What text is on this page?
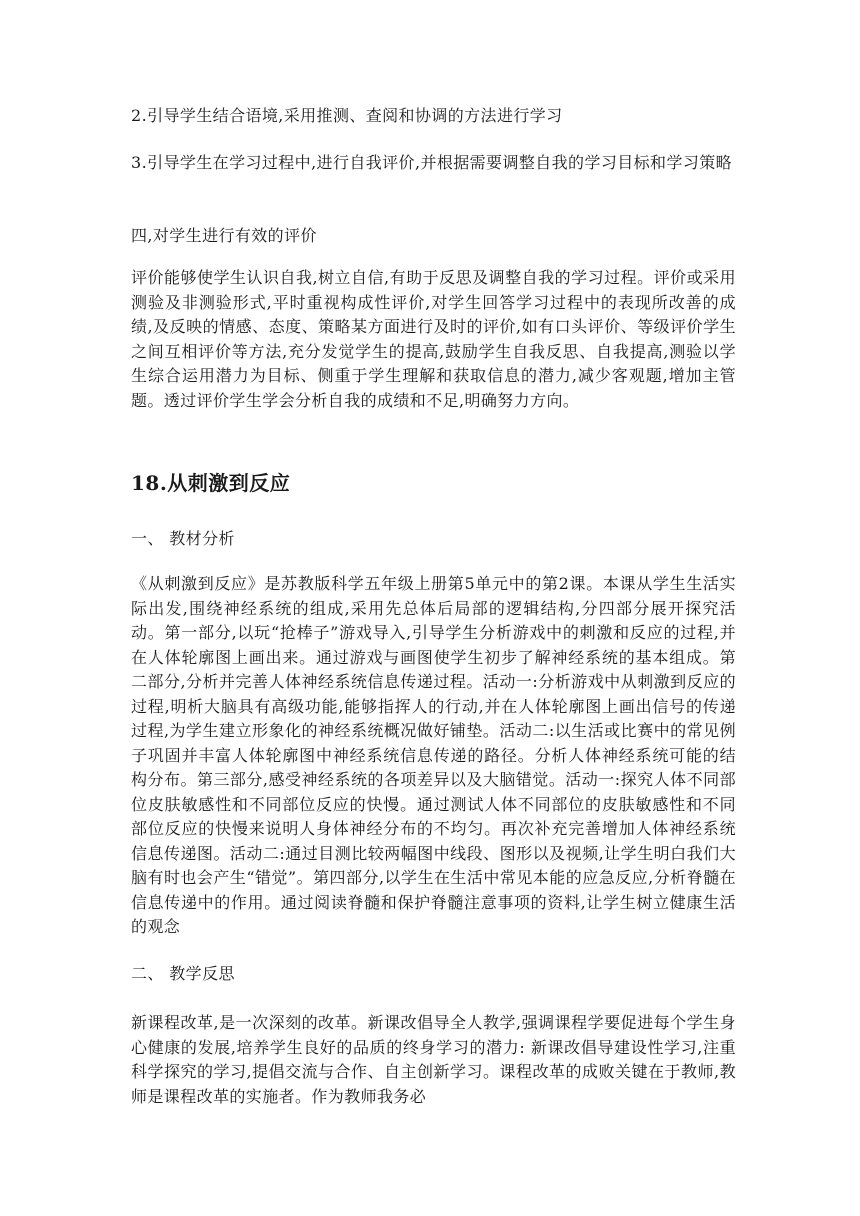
2.引导学生结合语境,采用推测、查阅和协调的方法进行学习

3.引导学生在学习过程中,进行自我评价,并根据需要调整自我的学习目标和学习策略

四,对学生进行有效的评价

评价能够使学生认识自我,树立自信,有助于反思及调整自我的学习过程。评价或采用测验及非测验形式,平时重视构成性评价,对学生回答学习过程中的表现所改善的成绩,及反映的情感、态度、策略某方面进行及时的评价,如有口头评价、等级评价学生之间互相评价等方法,充分发觉学生的提高,鼓励学生自我反思、自我提高,测验以学生综合运用潜力为目标、侧重于学生理解和获取信息的潜力,减少客观题,增加主管题。透过评价学生学会分析自我的成绩和不足,明确努力方向。

18.从刺激到反应

一、 教材分析

《从刺激到反应》是苏教版科学五年级上册第5单元中的第2课。本课从学生生活实际出发,围绕神经系统的组成,采用先总体后局部的逻辑结构,分四部分展开探究活动。第一部分,以玩“抢棒子”游戏导入,引导学生分析游戏中的刺激和反应的过程,并在人体轮廓图上画出来。通过游戏与画图使学生初步了解神经系统的基本组成。第二部分,分析并完善人体神经系统信息传递过程。活动一:分析游戏中从刺激到反应的过程,明析大脑具有高级功能,能够指挥人的行动,并在人体轮廓图上画出信号的传递过程,为学生建立形象化的神经系统概况做好铺垫。活动二:以生活或比赛中的常见例子巩固并丰富人体轮廓图中神经系统信息传递的路径。分析人体神经系统可能的结构分布。第三部分,感受神经系统的各项差异以及大脑错觉。活动一:探究人体不同部位皮肤敏感性和不同部位反应的快慢。通过测试人体不同部位的皮肤敏感性和不同部位反应的快慢来说明人身体神经分布的不均匀。再次补充完善增加人体神经系统信息传递图。活动二:通过目测比较两幅图中线段、图形以及视频,让学生明白我们大脑有时也会产生“错觉”。第四部分,以学生在生活中常见本能的应急反应,分析脊髓在信息传递中的作用。通过阅读脊髓和保护脊髓注意事项的资料,让学生树立健康生活的观念

二、 教学反思

新课程改革,是一次深刻的改革。新课改倡导全人教学,强调课程学要促进每个学生身心健康的发展,培养学生良好的品质的终身学习的潜力: 新课改倡导建设性学习,注重科学探究的学习,提倡交流与合作、自主创新学习。课程改革的成败关键在于教师,教师是课程改革的实施者。作为教师我务必
